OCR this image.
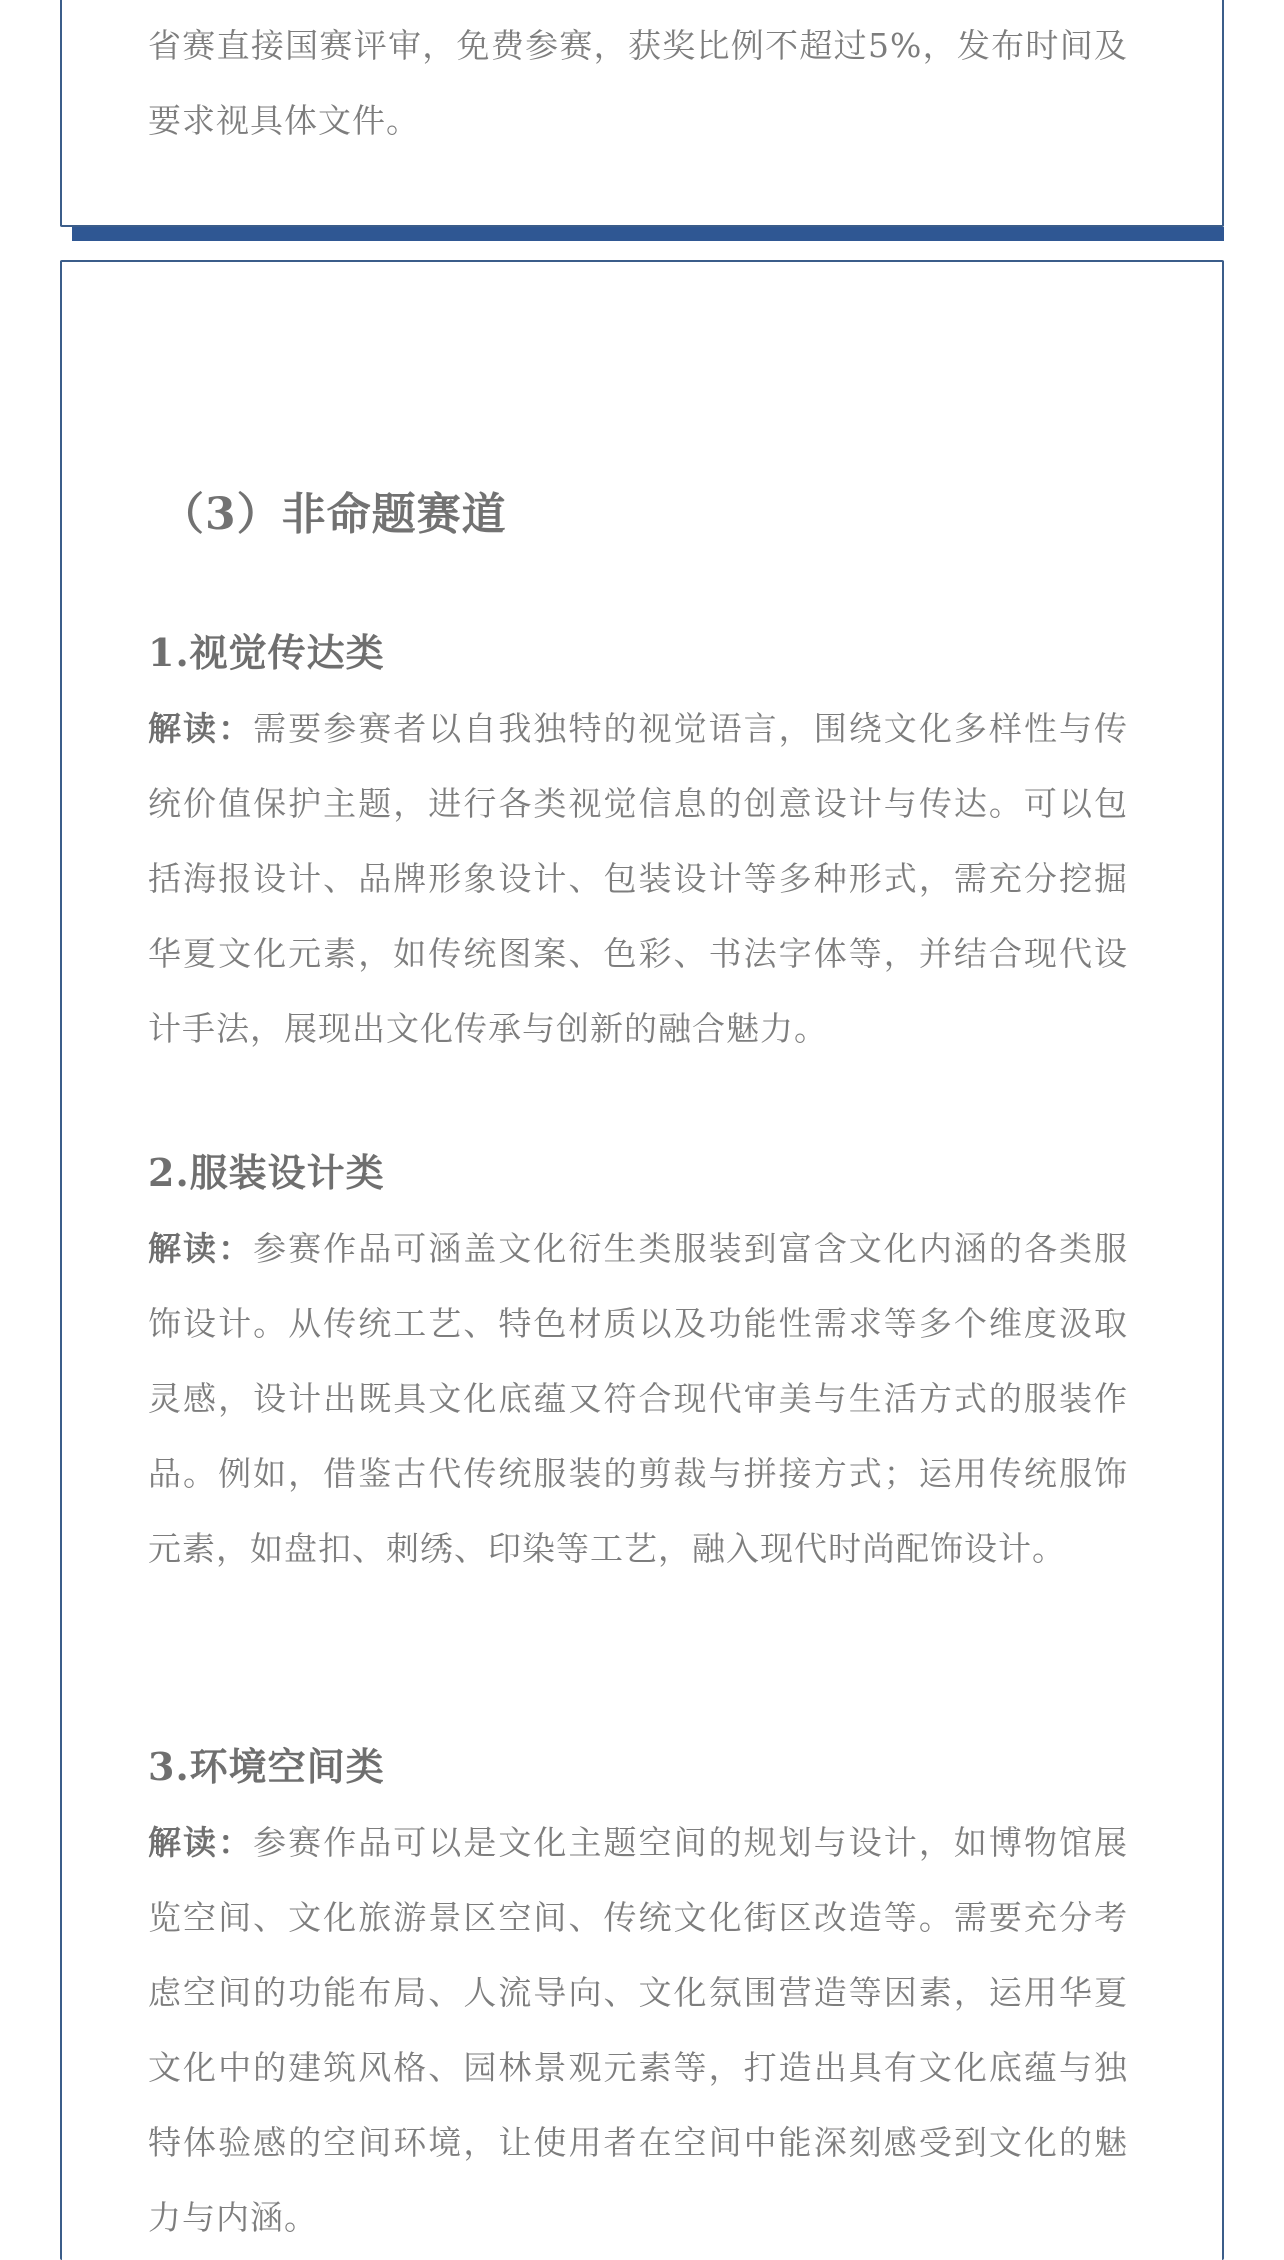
省赛直接国赛评审，免费参赛，获奖比例不超过5%，发布时间及要求视具体文件。

（3）非命题赛道
1.视觉传达类

解读：需要参赛者以自我独特的视觉语言，围绕文化多样性与传统价值保护主题，进行各类视觉信息的创意设计与传达。可以包括海报设计、品牌形象设计、包装设计等多种形式，需充分挖掘华夏文化元素，如传统图案、色彩、书法字体等，并结合现代设计手法，展现出文化传承与创新的融合魅力。

2.服装设计类

解读：参赛作品可涵盖文化衍生类服装到富含文化内涵的各类服饰设计。从传统工艺、特色材质以及功能性需求等多个维度汲取灵感，设计出既具文化底蕴又符合现代审美与生活方式的服装作品。例如，借鉴古代传统服装的剪裁与拼接方式；运用传统服饰元素，如盘扣、刺绣、印染等工艺，融入现代时尚配饰设计。

3.环境空间类

解读：参赛作品可以是文化主题空间的规划与设计，如博物馆展览空间、文化旅游景区空间、传统文化街区改造等。需要充分考虑空间的功能布局、人流导向、文化氛围营造等因素，运用华夏文化中的建筑风格、园林景观元素等，打造出具有文化底蕴与独特体验感的空间环境，让使用者在空间中能深刻感受到文化的魅力与内涵。
